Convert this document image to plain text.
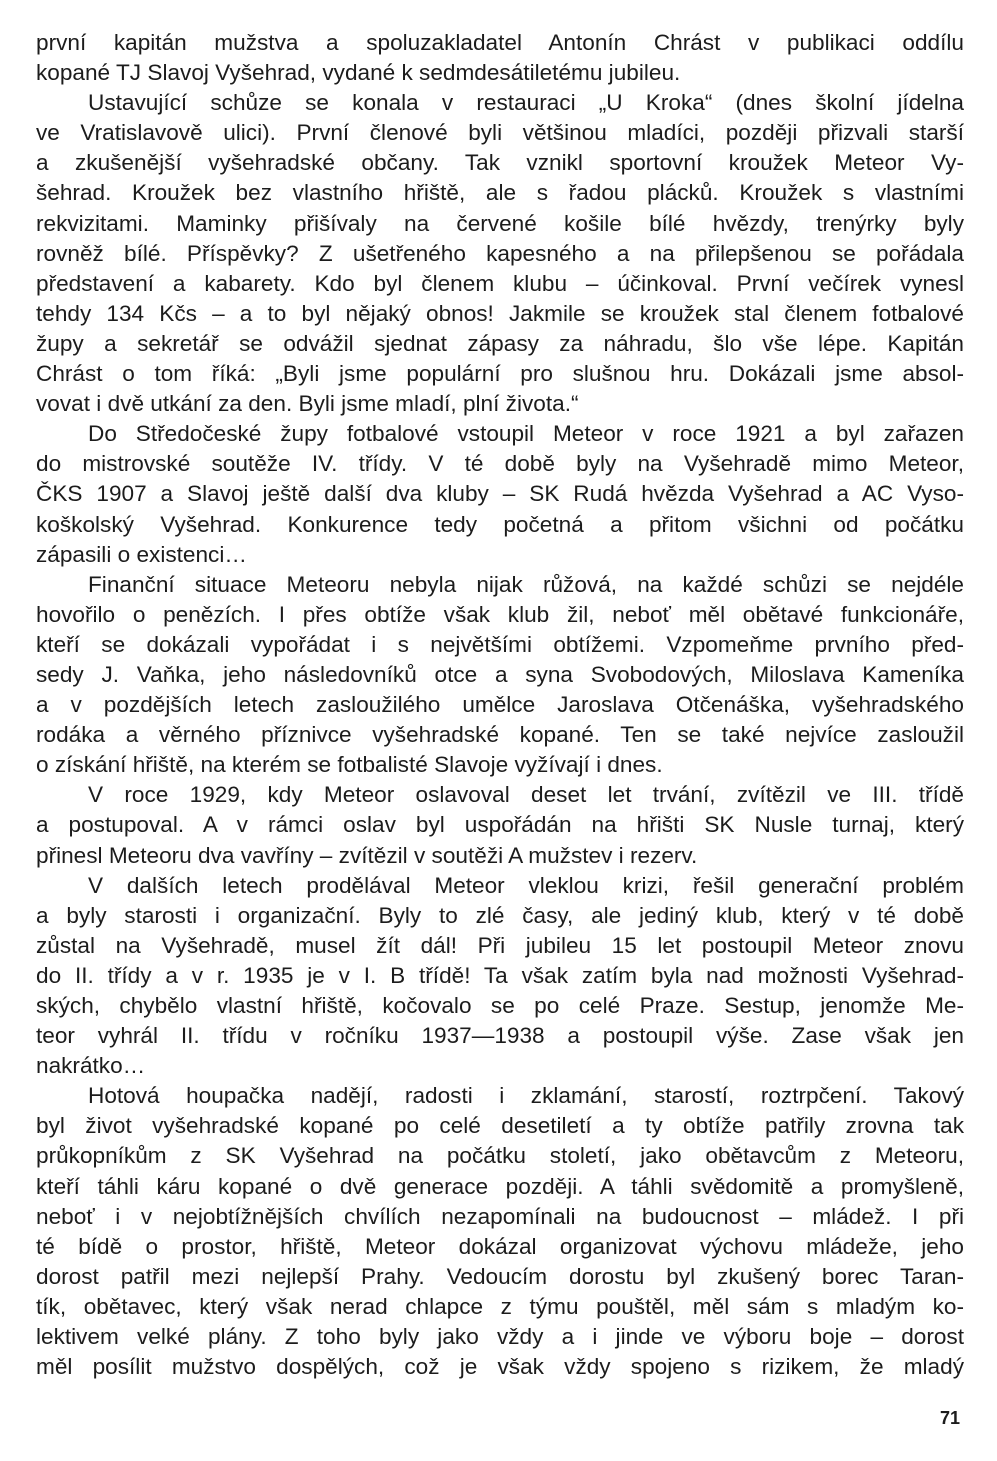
první kapitán mužstva a spoluzakladatel Antonín Chrást v publikaci oddílu
kopané TJ Slavoj Vyšehrad, vydané k sedmdesátiletému jubileu.

Ustavující schůze se konala v restauraci „U Kroka“ (dnes školní jídelna
ve Vratislavově ulici). První členové byli většinou mladíci, později přizvali starší
a zkušenější vyšehradské občany. Tak vznikl sportovní kroužek Meteor Vy-
šehrad. Kroužek bez vlastního hřiště, ale s řadou plácků. Kroužek s vlastními
rekvizitami. Maminky přišívaly na červené košile bílé hvězdy, trenýrky byly
rovněž bílé. Příspěvky? Z ušetřeného kapesného a na přilepšenou se pořádala
představení a kabarety. Kdo byl členem klubu – účinkoval. První večírek vynesl
tehdy 134 Kčs – a to byl nějaký obnos! Jakmile se kroužek stal členem fotbalové
župy a sekretář se odvážil sjednat zápasy za náhradu, šlo vše lépe. Kapitán
Chrást o tom říká: „Byli jsme populární pro slušnou hru. Dokázali jsme absol-
vovat i dvě utkání za den. Byli jsme mladí, plní života.“

Do Středočeské župy fotbalové vstoupil Meteor v roce 1921 a byl zařazen
do mistrovské soutěže IV. třídy. V té době byly na Vyšehradě mimo Meteor,
ČKS 1907 a Slavoj ještě další dva kluby – SK Rudá hvězda Vyšehrad a AC Vyso-
koškolský Vyšehrad. Konkurence tedy početná a přitom všichni od počátku
zápasili o existenci…

Finanční situace Meteoru nebyla nijak růžová, na každé schůzi se nejdéle
hovořilo o penězích. I přes obtíže však klub žil, neboť měl obětavé funkcionáře,
kteří se dokázali vypořádat i s největšími obtížemi. Vzpomeňme prvního před-
sedy J. Vaňka, jeho následovníků otce a syna Svobodových, Miloslava Kameníka
a v pozdějších letech zasloužilého umělce Jaroslava Otčenáška, vyšehradského
rodáka a věrného příznivce vyšehradské kopané. Ten se také nejvíce zasloužil
o získání hřiště, na kterém se fotbalisté Slavoje vyžívají i dnes.

V roce 1929, kdy Meteor oslavoval deset let trvání, zvítězil ve III. třídě
a postupoval. A v rámci oslav byl uspořádán na hřišti SK Nusle turnaj, který
přinesl Meteoru dva vavříny – zvítězil v soutěži A mužstev i rezerv.

V dalších letech prodělával Meteor vleklou krizi, řešil generační problém
a byly starosti i organizační. Byly to zlé časy, ale jediný klub, který v té době
zůstal na Vyšehradě, musel žít dál! Při jubileu 15 let postoupil Meteor znovu
do II. třídy a v r. 1935 je v I. B třídě! Ta však zatím byla nad možnosti Vyšehrad-
ských, chybělo vlastní hřiště, kočovalo se po celé Praze. Sestup, jenomže Me-
teor vyhrál II. třídu v ročníku 1937—1938 a postoupil výše. Zase však jen
nakrátko…

Hotová houpačka nadějí, radosti i zklamání, starostí, roztrpčení. Takový
byl život vyšehradské kopané po celé desetiletí a ty obtíže patřily zrovna tak
průkopníkům z SK Vyšehrad na počátku století, jako obětavcům z Meteoru,
kteří táhli káru kopané o dvě generace později. A táhli svědomitě a promyšleně,
neboť i v nejobtížnějších chvílích nezapomínali na budoucnost – mládež. I při
té bídě o prostor, hřiště, Meteor dokázal organizovat výchovu mládeže, jeho
dorost patřil mezi nejlepší Prahy. Vedoucím dorostu byl zkušený borec Taran-
tík, obětavec, který však nerad chlapce z týmu pouštěl, měl sám s mladým ko-
lektivem velké plány. Z toho byly jako vždy a i jinde ve výboru boje – dorost
měl posílit mužstvo dospělých, což je však vždy spojeno s rizikem, že mladý

71
